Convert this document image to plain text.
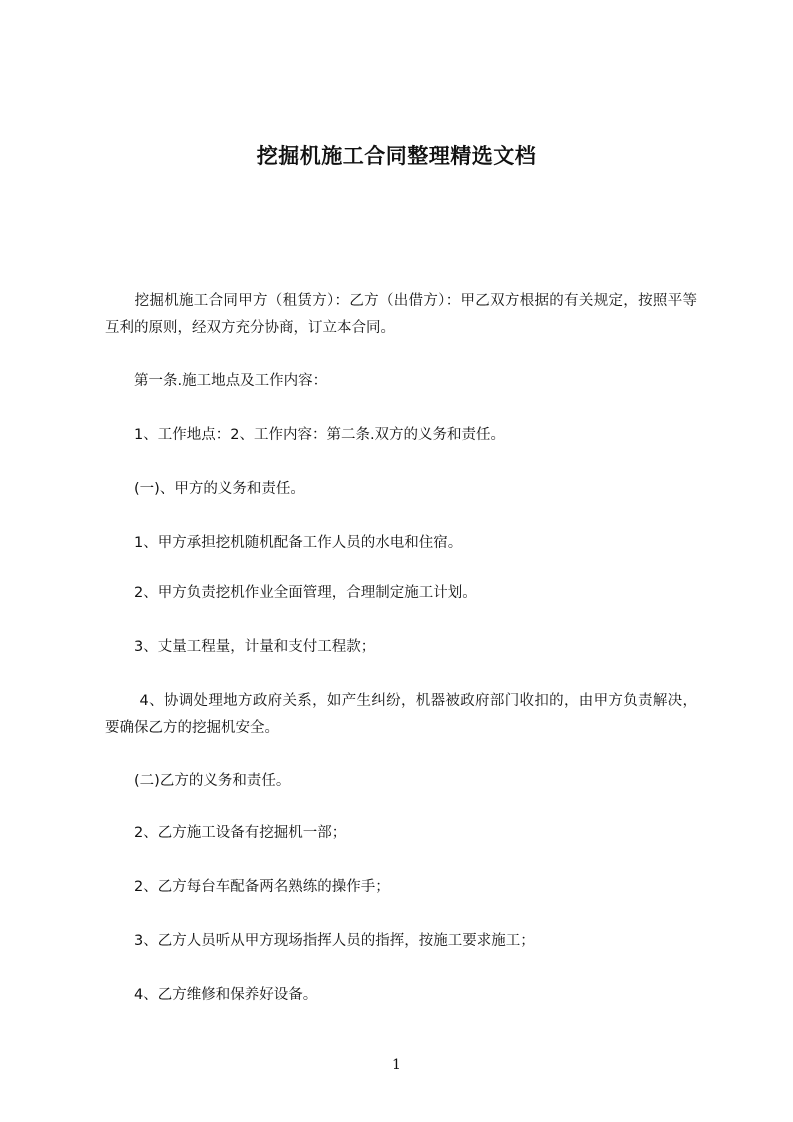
挖掘机施工合同整理精选文档

　　挖掘机施工合同甲方（租赁方）：乙方（出借方）：甲乙双方根据的有关规定，按照平等互利的原则，经双方充分协商，订立本合同。

　　第一条.施工地点及工作内容：

　　1、工作地点：2、工作内容：第二条.双方的义务和责任。

　　(一)、甲方的义务和责任。

　　1、甲方承担挖机随机配备工作人员的水电和住宿。

　　2、甲方负责挖机作业全面管理，合理制定施工计划。

　　3、丈量工程量，计量和支付工程款；

　　 4、协调处理地方政府关系，如产生纠纷，机器被政府部门收扣的，由甲方负责解决，要确保乙方的挖掘机安全。

　　(二)乙方的义务和责任。

　　2、乙方施工设备有挖掘机一部；

　　2、乙方每台车配备两名熟练的操作手；

　　3、乙方人员听从甲方现场指挥人员的指挥，按施工要求施工；

　　4、乙方维修和保养好设备。

1
